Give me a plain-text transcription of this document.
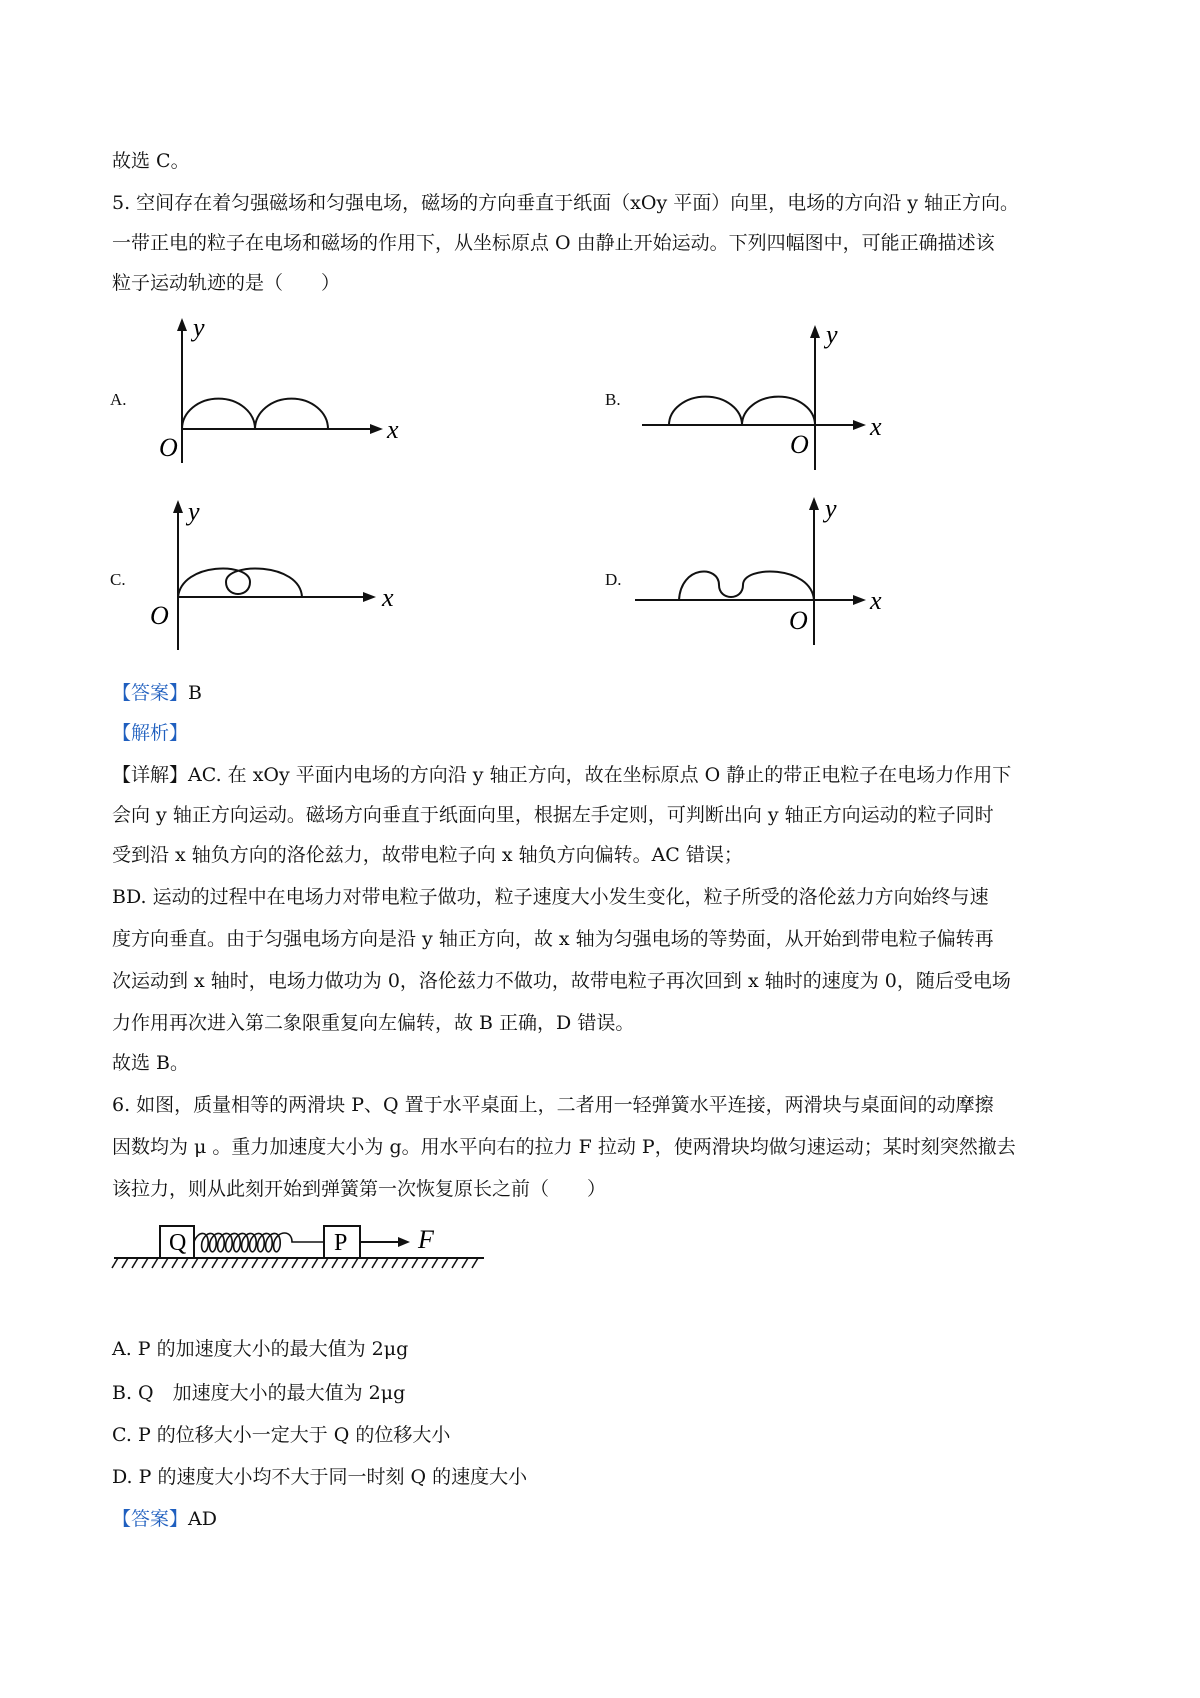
故选 C。
5. 空间存在着匀强磁场和匀强电场，磁场的方向垂直于纸面（xOy 平面）向里，电场的方向沿 y 轴正方向。
一带正电的粒子在电场和磁场的作用下，从坐标原点 O 由静止开始运动。下列四幅图中，可能正确描述该
粒子运动轨迹的是（　　）
A.
y
O
x
B.
y
O
x
C.
y
O
x
D.
y
O
x
【答案】B
【解析】
【详解】AC. 在 xOy 平面内电场的方向沿 y 轴正方向，故在坐标原点 O 静止的带正电粒子在电场力作用下
会向 y 轴正方向运动。磁场方向垂直于纸面向里，根据左手定则，可判断出向 y 轴正方向运动的粒子同时
受到沿 x 轴负方向的洛伦兹力，故带电粒子向 x 轴负方向偏转。AC 错误；
BD. 运动的过程中在电场力对带电粒子做功，粒子速度大小发生变化，粒子所受的洛伦兹力方向始终与速
度方向垂直。由于匀强电场方向是沿 y 轴正方向，故 x 轴为匀强电场的等势面，从开始到带电粒子偏转再
次运动到 x 轴时，电场力做功为 0，洛伦兹力不做功，故带电粒子再次回到 x 轴时的速度为 0，随后受电场
力作用再次进入第二象限重复向左偏转，故 B 正确，D 错误。
故选 B。
6. 如图，质量相等的两滑块 P、Q 置于水平桌面上，二者用一轻弹簧水平连接，两滑块与桌面间的动摩擦
因数均为 μ 。重力加速度大小为 g。用水平向右的拉力 F 拉动 P，使两滑块均做匀速运动；某时刻突然撤去
该拉力，则从此刻开始到弹簧第一次恢复原长之前（　　）
Q	P	F
A. P 的加速度大小的最大值为 2μg
B. Q　加速度大小的最大值为 2μg
C. P 的位移大小一定大于 Q 的位移大小
D. P 的速度大小均不大于同一时刻 Q 的速度大小
【答案】AD
